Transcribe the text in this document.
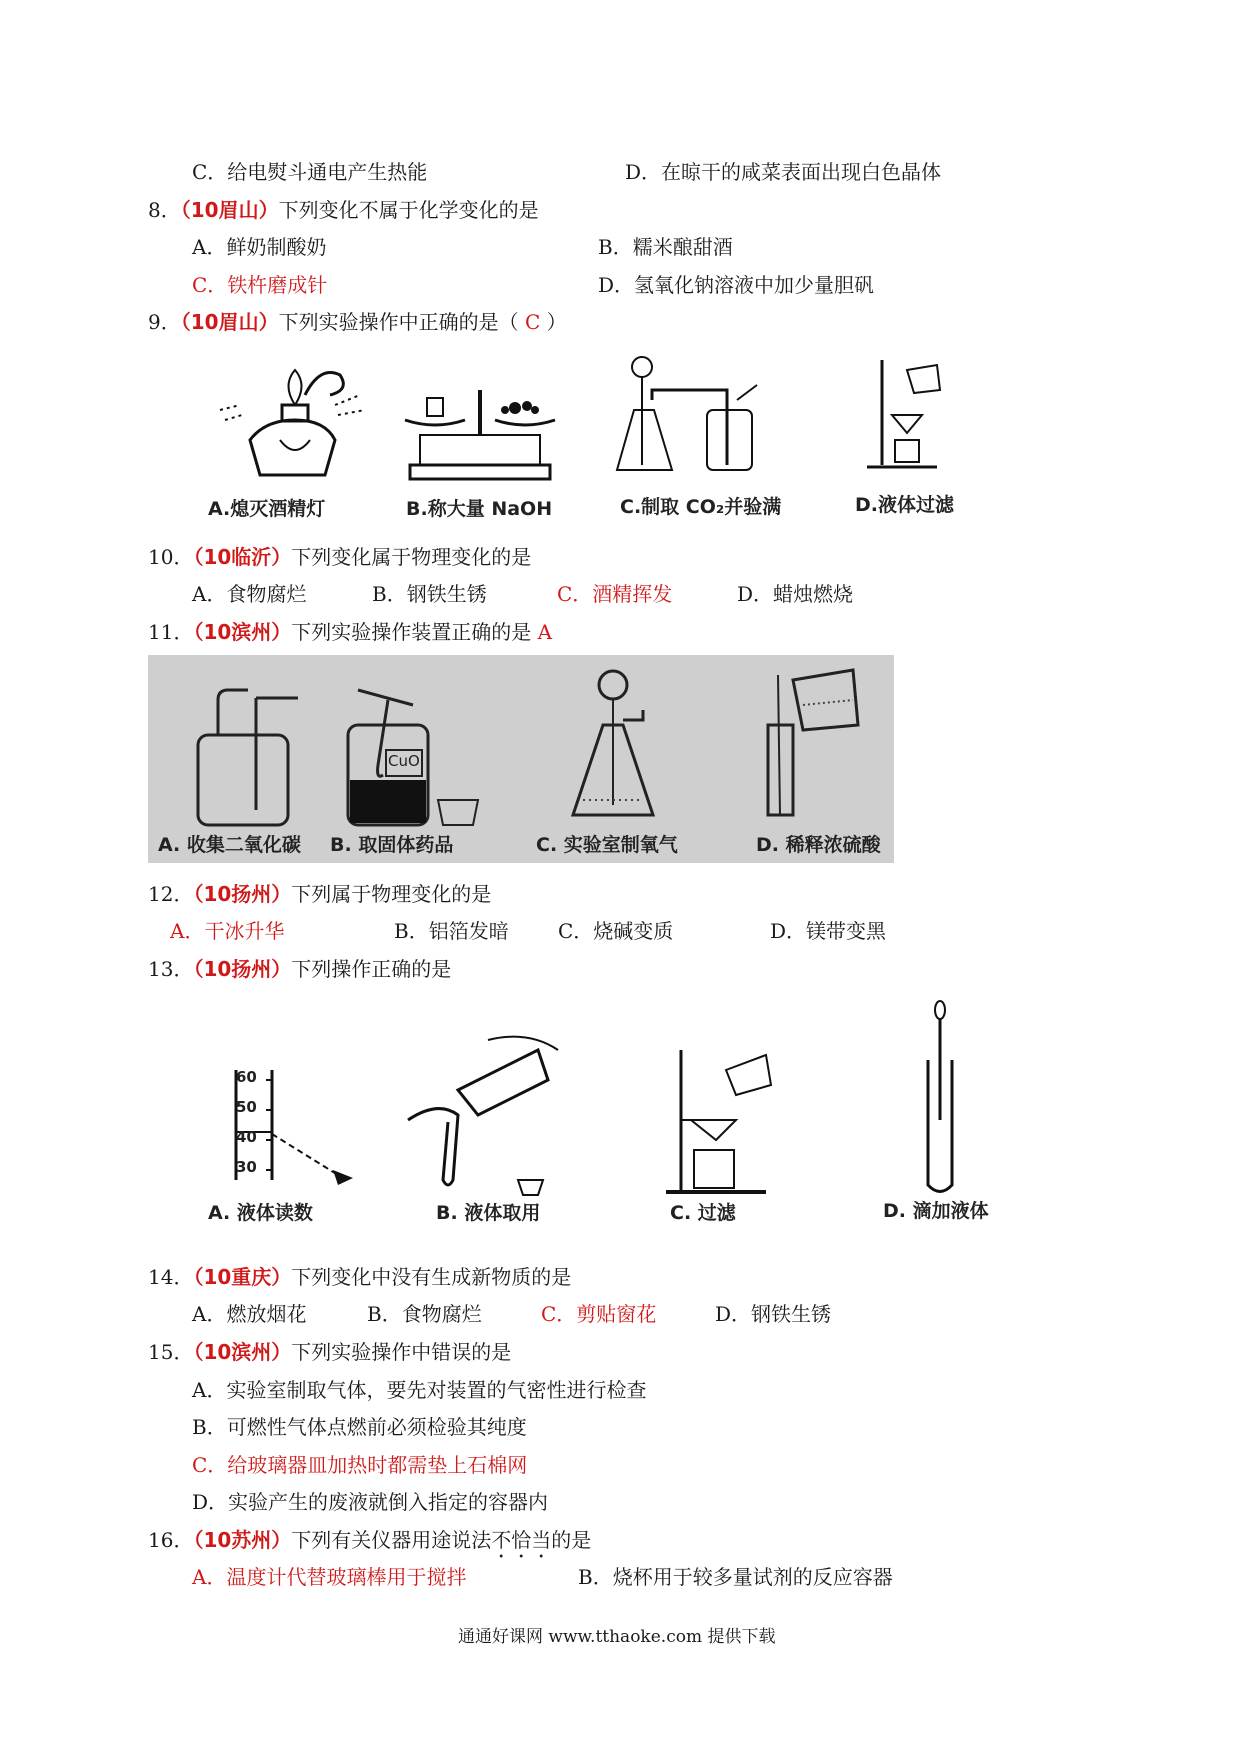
C．给电熨斗通电产生热能	D．在晾干的咸菜表面出现白色晶体
8．（10眉山）下列变化不属于化学变化的是
A．鲜奶制酸奶	B．糯米酿甜酒
C．铁杵磨成针	D．氢氧化钠溶液中加少量胆矾
9．（10眉山）下列实验操作中正确的是（ C ）
A.熄灭酒精灯	B.称大量 NaOH	C.制取 CO₂并验满	D.液体过滤
10．（10临沂）下列变化属于物理变化的是
A．食物腐烂	B．钢铁生锈	C．酒精挥发	D．蜡烛燃烧
11．（10滨州）下列实验操作装置正确的是 A
CuO
A. 收集二氧化碳 B. 取固体药品	C. 实验室制氧气	D. 稀释浓硫酸
12．（10扬州）下列属于物理变化的是
A．干冰升华	B．铝箔发暗 C．烧碱变质	D．镁带变黑
13．（10扬州）下列操作正确的是
60
50
40
30
A. 液体读数	B. 液体取用	C. 过滤	D. 滴加液体
14．（10重庆）下列变化中没有生成新物质的是
A．燃放烟花	B．食物腐烂	C．剪贴窗花	D．钢铁生锈
15．（10滨州）下列实验操作中错误的是
A．实验室制取气体，要先对装置的气密性进行检查
B．可燃性气体点燃前必须检验其纯度
C．给玻璃器皿加热时都需垫上石棉网
D．实验产生的废液就倒入指定的容器内
16．（10苏州）下列有关仪器用途说法不恰当的是
A．温度计代替玻璃棒用于搅拌	B．烧杯用于较多量试剂的反应容器
通通好课网 www.tthaoke.com 提供下载
